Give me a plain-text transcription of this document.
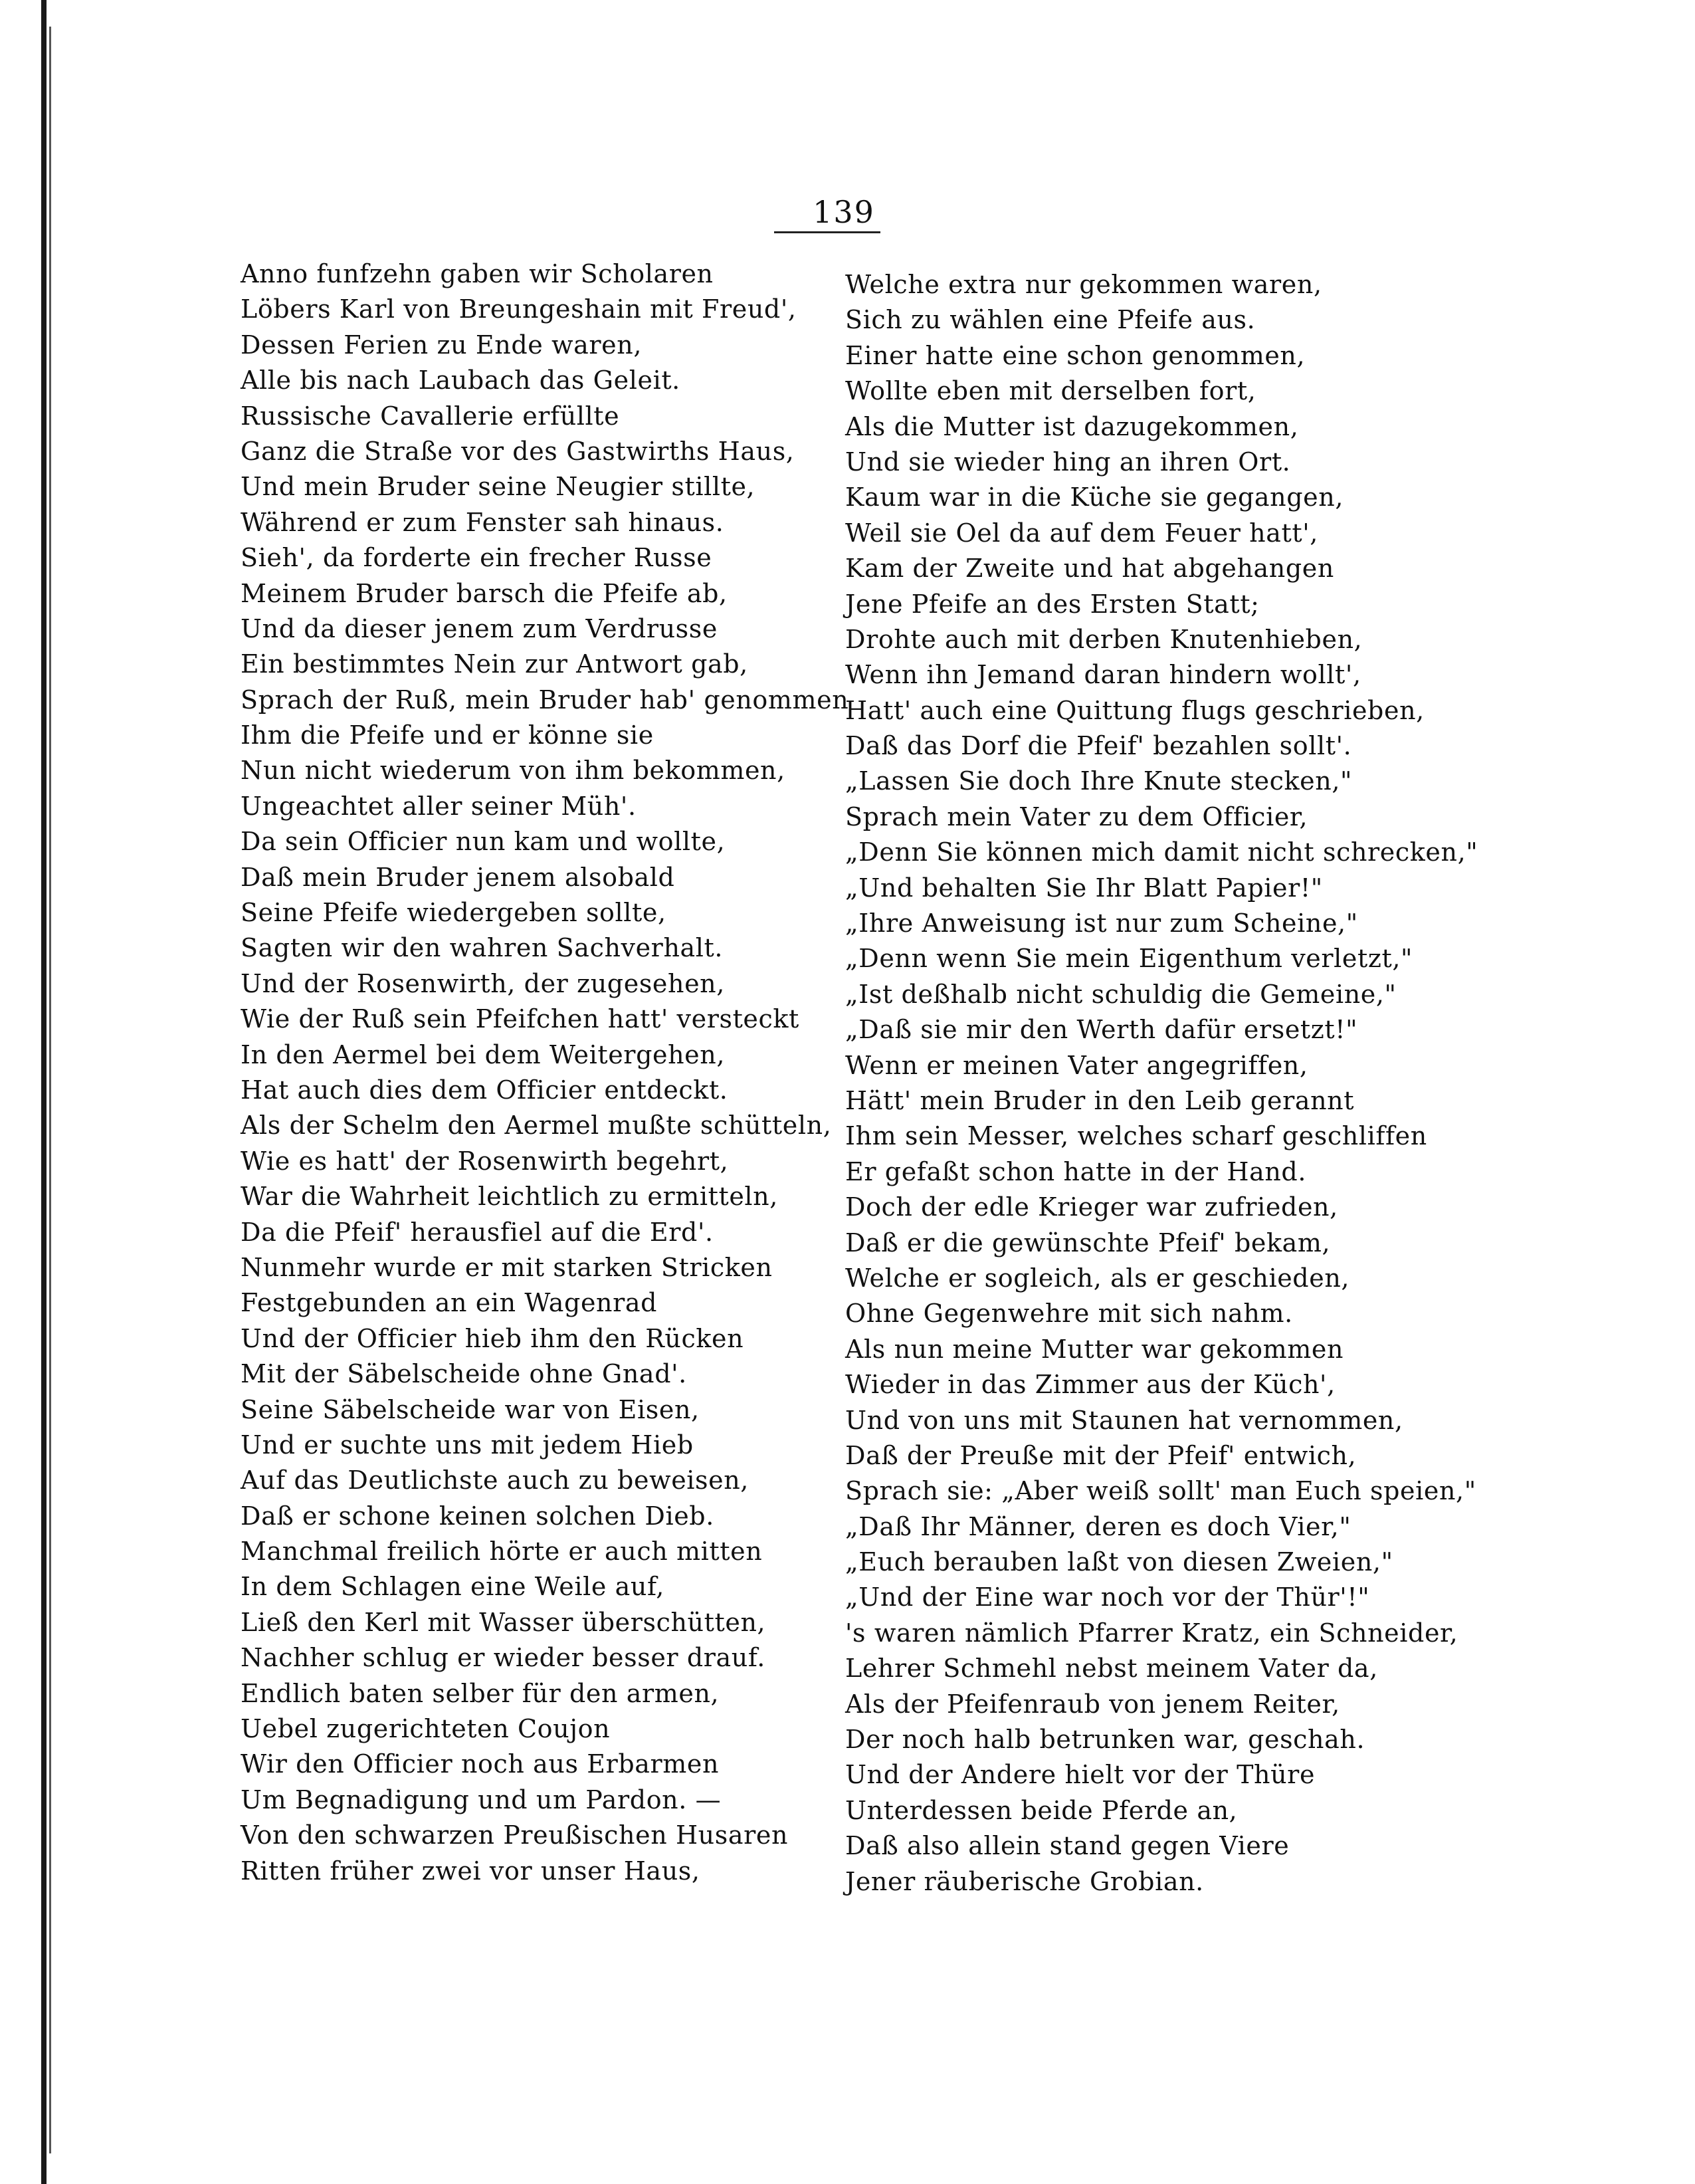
139
Anno funfzehn gaben wir Scholaren
Löbers Karl von Breungeshain mit Freud',
Dessen Ferien zu Ende waren,
Alle bis nach Laubach das Geleit.
Russische Cavallerie erfüllte
Ganz die Straße vor des Gastwirths Haus,
Und mein Bruder seine Neugier stillte,
Während er zum Fenster sah hinaus.
Sieh', da forderte ein frecher Russe
Meinem Bruder barsch die Pfeife ab,
Und da dieser jenem zum Verdrusse
Ein bestimmtes Nein zur Antwort gab,
Sprach der Ruß, mein Bruder hab' genommen
Ihm die Pfeife und er könne sie
Nun nicht wiederum von ihm bekommen,
Ungeachtet aller seiner Müh'.
Da sein Officier nun kam und wollte,
Daß mein Bruder jenem alsobald
Seine Pfeife wiedergeben sollte,
Sagten wir den wahren Sachverhalt.
Und der Rosenwirth, der zugesehen,
Wie der Ruß sein Pfeifchen hatt' versteckt
In den Aermel bei dem Weitergehen,
Hat auch dies dem Officier entdeckt.
Als der Schelm den Aermel mußte schütteln,
Wie es hatt' der Rosenwirth begehrt,
War die Wahrheit leichtlich zu ermitteln,
Da die Pfeif' herausfiel auf die Erd'.
Nunmehr wurde er mit starken Stricken
Festgebunden an ein Wagenrad
Und der Officier hieb ihm den Rücken
Mit der Säbelscheide ohne Gnad'.
Seine Säbelscheide war von Eisen,
Und er suchte uns mit jedem Hieb
Auf das Deutlichste auch zu beweisen,
Daß er schone keinen solchen Dieb.
Manchmal freilich hörte er auch mitten
In dem Schlagen eine Weile auf,
Ließ den Kerl mit Wasser überschütten,
Nachher schlug er wieder besser drauf.
Endlich baten selber für den armen,
Uebel zugerichteten Coujon
Wir den Officier noch aus Erbarmen
Um Begnadigung und um Pardon. —
Von den schwarzen Preußischen Husaren
Ritten früher zwei vor unser Haus,
Welche extra nur gekommen waren,
Sich zu wählen eine Pfeife aus.
Einer hatte eine schon genommen,
Wollte eben mit derselben fort,
Als die Mutter ist dazugekommen,
Und sie wieder hing an ihren Ort.
Kaum war in die Küche sie gegangen,
Weil sie Oel da auf dem Feuer hatt',
Kam der Zweite und hat abgehangen
Jene Pfeife an des Ersten Statt;
Drohte auch mit derben Knutenhieben,
Wenn ihn Jemand daran hindern wollt',
Hatt' auch eine Quittung flugs geschrieben,
Daß das Dorf die Pfeif' bezahlen sollt'.
„Lassen Sie doch Ihre Knute stecken,"
Sprach mein Vater zu dem Officier,
„Denn Sie können mich damit nicht schrecken,"
„Und behalten Sie Ihr Blatt Papier!"
„Ihre Anweisung ist nur zum Scheine,"
„Denn wenn Sie mein Eigenthum verletzt,"
„Ist deßhalb nicht schuldig die Gemeine,"
„Daß sie mir den Werth dafür ersetzt!"
Wenn er meinen Vater angegriffen,
Hätt' mein Bruder in den Leib gerannt
Ihm sein Messer, welches scharf geschliffen
Er gefaßt schon hatte in der Hand.
Doch der edle Krieger war zufrieden,
Daß er die gewünschte Pfeif' bekam,
Welche er sogleich, als er geschieden,
Ohne Gegenwehre mit sich nahm.
Als nun meine Mutter war gekommen
Wieder in das Zimmer aus der Küch',
Und von uns mit Staunen hat vernommen,
Daß der Preuße mit der Pfeif' entwich,
Sprach sie: „Aber weiß sollt' man Euch speien,"
„Daß Ihr Männer, deren es doch Vier,"
„Euch berauben laßt von diesen Zweien,"
„Und der Eine war noch vor der Thür'!"
's waren nämlich Pfarrer Kratz, ein Schneider,
Lehrer Schmehl nebst meinem Vater da,
Als der Pfeifenraub von jenem Reiter,
Der noch halb betrunken war, geschah.
Und der Andere hielt vor der Thüre
Unterdessen beide Pferde an,
Daß also allein stand gegen Viere
Jener räuberische Grobian.
